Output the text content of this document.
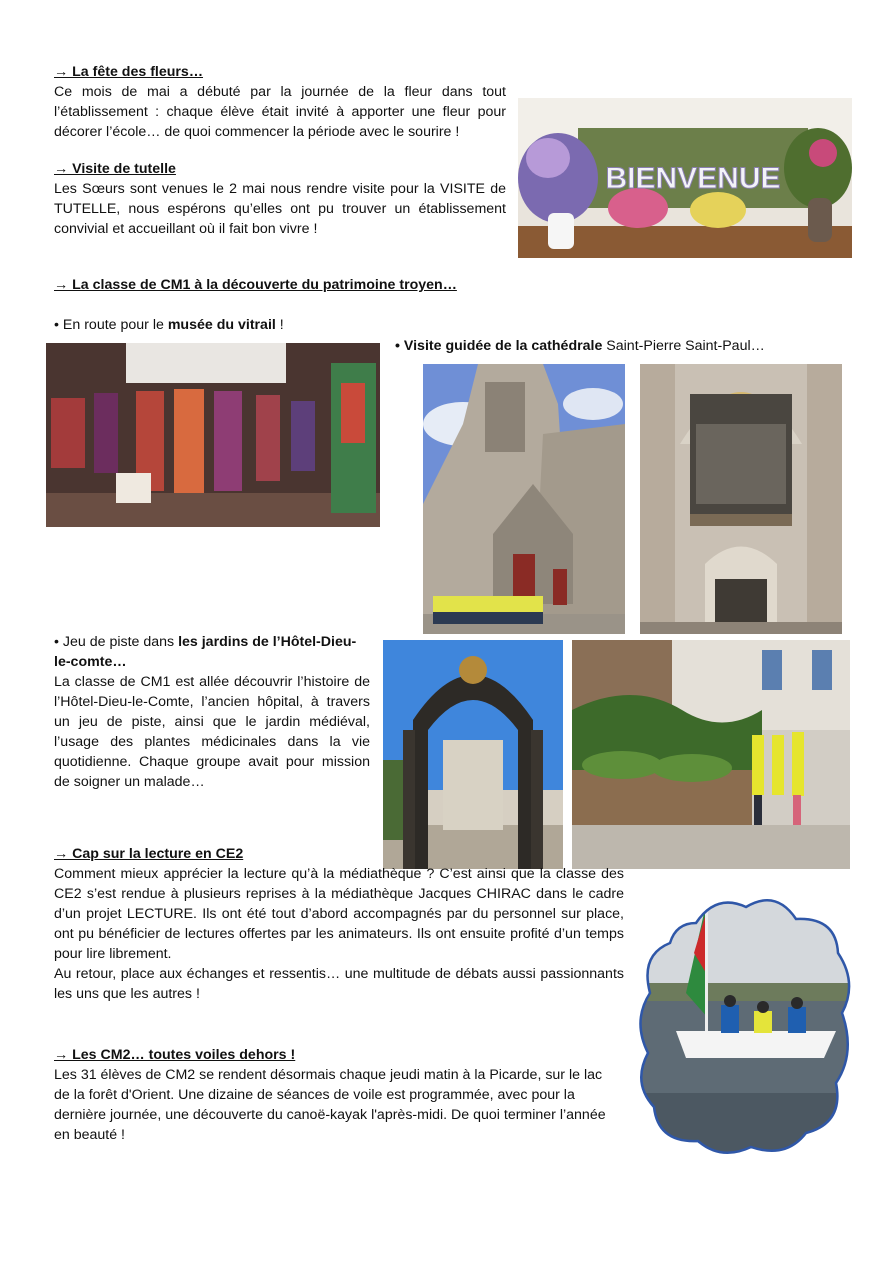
→ La fête des fleurs…
Ce mois de mai a débuté par la journée de la fleur dans tout l’établissement : chaque élève était invité à apporter une fleur pour décorer l’école… de quoi commencer la période avec le sourire !
→ Visite de tutelle
Les Sœurs sont venues le 2 mai nous rendre visite pour la VISITE de TUTELLE, nous espérons qu’elles ont pu trouver un établissement convivial et accueillant où il fait bon vivre !
BIENVENUE
→ La classe de CM1 à la découverte du patrimoine troyen…
• En route pour le musée du vitrail !
• Visite guidée de la cathédrale Saint-Pierre Saint-Paul…
• Jeu de piste dans les jardins de l’Hôtel-Dieu-le-comte…
La classe de CM1 est allée découvrir l’histoire de l’Hôtel-Dieu-le-Comte, l’ancien hôpital, à travers un jeu de piste, ainsi que le jardin médiéval, l’usage des plantes médicinales dans la vie quotidienne. Chaque groupe avait pour mission de soigner un malade…
→ Cap sur la lecture en CE2
Comment mieux apprécier la lecture qu’à la médiathèque ? C’est ainsi que la classe des CE2 s’est rendue à plusieurs reprises à la médiathèque Jacques CHIRAC dans le cadre d’un projet LECTURE. Ils ont été tout d’abord accompagnés par du personnel sur place, ont pu bénéficier de lectures offertes par les animateurs. Ils ont ensuite profité d’un temps pour lire librement.
Au retour, place aux échanges et ressentis… une multitude de débats aussi passionnants les uns que les autres !
→ Les CM2… toutes voiles dehors !
Les 31 élèves de CM2 se rendent désormais chaque jeudi matin à la Picarde, sur le lac de la forêt d'Orient. Une dizaine de séances de voile est programmée, avec pour la dernière journée, une découverte du canoë-kayak l'après-midi. De quoi terminer l’année en beauté !
